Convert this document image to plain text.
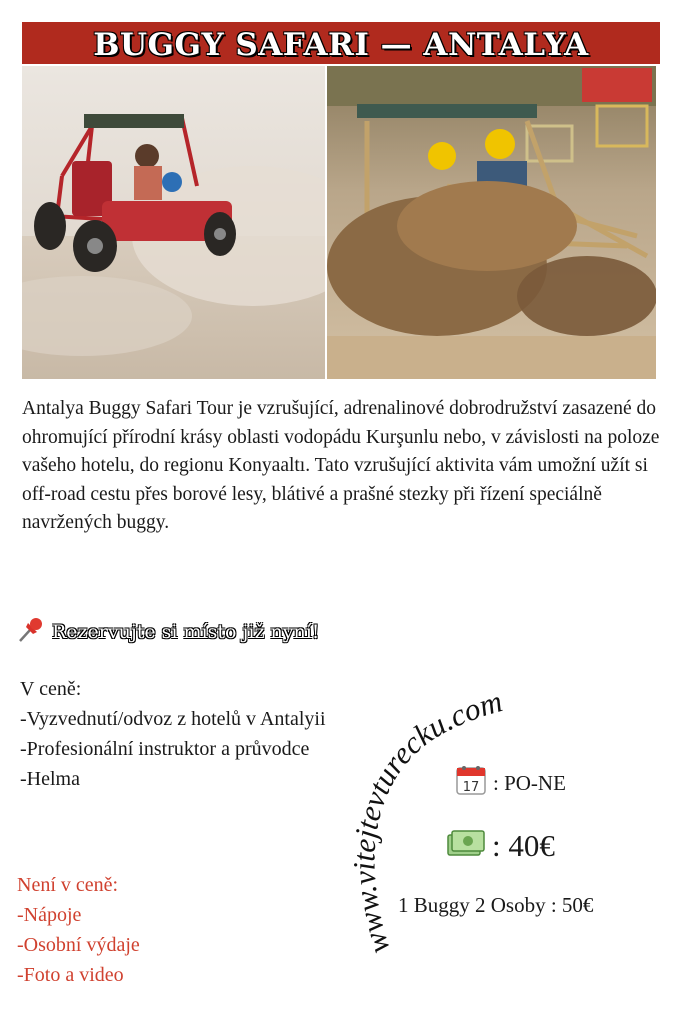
BUGGY SAFARI — ANTALYA

Antalya Buggy Safari Tour je vzrušující, adrenalinové dobrodružství zasazené do ohromující přírodní krásy oblasti vodopádu Kurşunlu nebo, v závislosti na poloze vašeho hotelu, do regionu Konyaaltı. Tato vzrušující aktivita vám umožní užít si off-road cestu přes borové lesy, blátivé a prašné stezky při řízení speciálně navržených buggy.

Rezervujte si místo již nyní!
V ceně:
-Vyzvednutí/odvoz z hotelů v Antalyii
-Profesionální instruktor a průvodce
-Helma
Není v ceně:
-Nápoje
-Osobní výdaje
-Foto a video
www.vitejtevturecku.com
17 : PO-NE
: 40€
1 Buggy 2 Osoby : 50€
